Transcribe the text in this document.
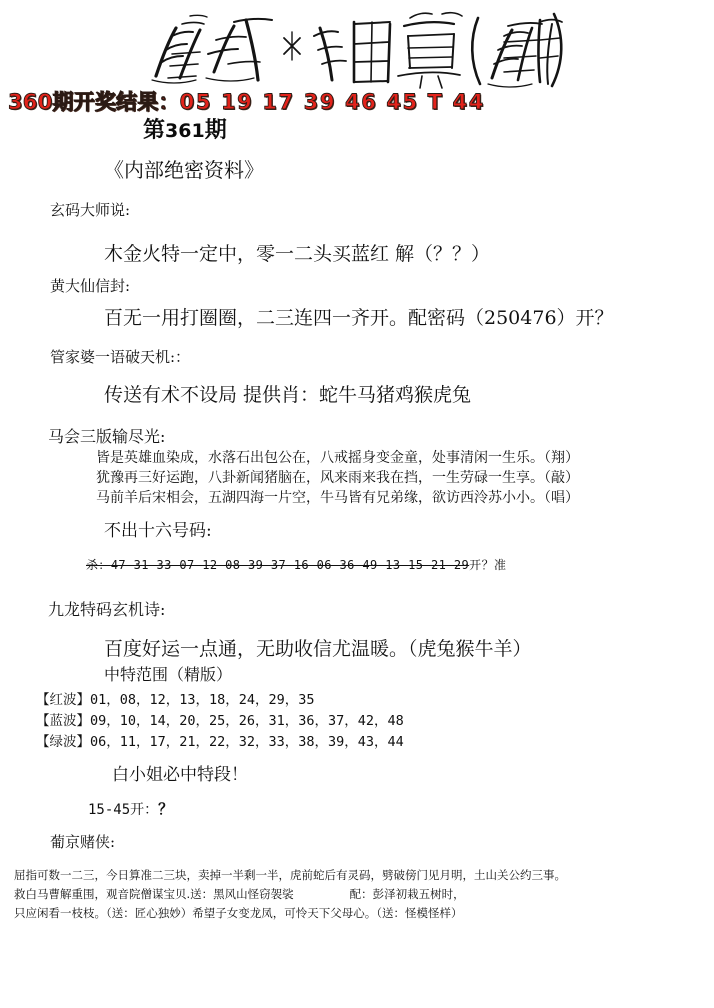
360期开奖结果：05 19 17 39 46 45 T 44
第361期
《内部绝密资料》
玄码大师说:
木金火特一定中，零一二头买蓝红 解（？？）
黄大仙信封:
百无一用打圈圈，二三连四一齐开。配密码（250476）开？
管家婆一语破天机:：
传送有术不设局 提供肖：蛇牛马猪鸡猴虎兔
马会三版输尽光:
皆是英雄血染成，水落石出包公在，八戒摇身变金童，处事清闲一生乐。（翔）
犹豫再三好运跑，八卦新闻猪脑在，风来雨来我在挡，一生劳碌一生享。（敲）
马前羊后宋相会，五湖四海一片空，牛马皆有兄弟缘，欲访西泠苏小小。（唱）
不出十六号码:
杀：47 31 33 07 12 08 39 37 16 06 36 49 13 15 21 29开？准
九龙特码玄机诗:
百度好运一点通，无助收信尤温暖。（虎兔猴牛羊）
中特范围（精版）
【红波】01，08，12，13，18，24，29，35
【蓝波】09，10，14，20，25，26，31，36，37，42，48
【绿波】06，11，17，21，22，32，33，38，39，43，44
白小姐必中特段！
15-45开：？
葡京赌侠:
屈指可数一二三，今日算准二三块，卖掉一半剩一半，虎前蛇后有灵码，劈破傍门见月明，土山关公约三事。
救白马曹解重围，观音院僧谋宝贝.送：黑风山怪窃袈裟	配：彭泽初栽五树时，
只应闲看一枝枝。（送：匠心独妙）希望子女变龙凤，可怜天下父母心。（送：怪模怪样）
